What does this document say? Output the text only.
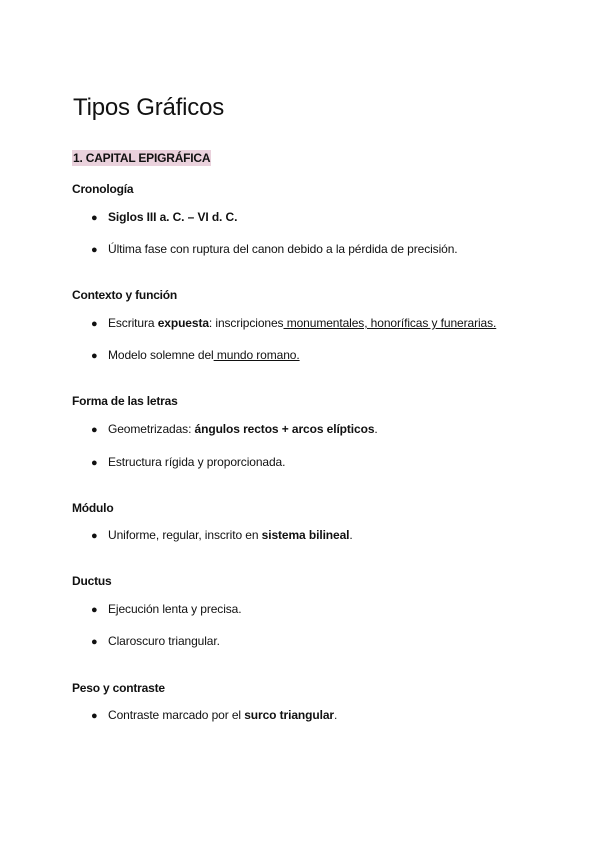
Tipos Gráficos
1. CAPITAL EPIGRÁFICA
Cronología
● Siglos III a. C. – VI d. C.
● Última fase con ruptura del canon debido a la pérdida de precisión.
Contexto y función
● Escritura expuesta: inscripciones monumentales, honoríficas y funerarias.
● Modelo solemne del mundo romano.
Forma de las letras
● Geometrizadas: ángulos rectos + arcos elípticos.
● Estructura rígida y proporcionada.
Módulo
● Uniforme, regular, inscrito en sistema bilineal.
Ductus
● Ejecución lenta y precisa.
● Claroscuro triangular.
Peso y contraste
● Contraste marcado por el surco triangular.
